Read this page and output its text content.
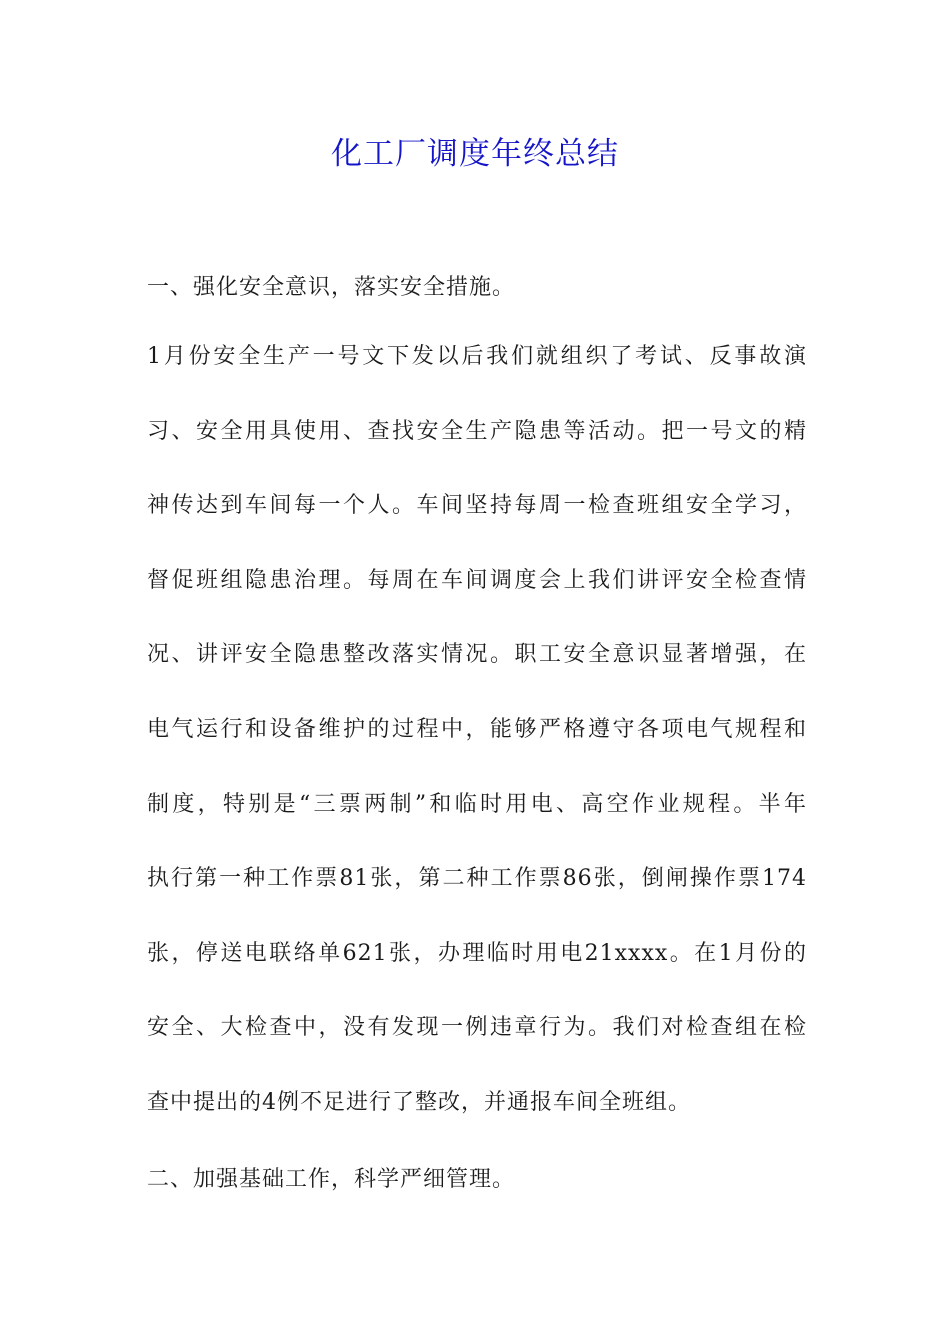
化工厂调度年终总结

一、强化安全意识，落实安全措施。

1月份安全生产一号文下发以后我们就组织了考试、反事故演
习、安全用具使用、查找安全生产隐患等活动。把一号文的精
神传达到车间每一个人。车间坚持每周一检查班组安全学习，
督促班组隐患治理。每周在车间调度会上我们讲评安全检查情
况、讲评安全隐患整改落实情况。职工安全意识显著增强，在
电气运行和设备维护的过程中，能够严格遵守各项电气规程和
制度，特别是“三票两制”和临时用电、高空作业规程。半年
执行第一种工作票81张，第二种工作票86张，倒闸操作票174
张，停送电联络单621张，办理临时用电21xxxx。在1月份的
安全、大检查中，没有发现一例违章行为。我们对检查组在检
查中提出的4例不足进行了整改，并通报车间全班组。

二、加强基础工作，科学严细管理。
